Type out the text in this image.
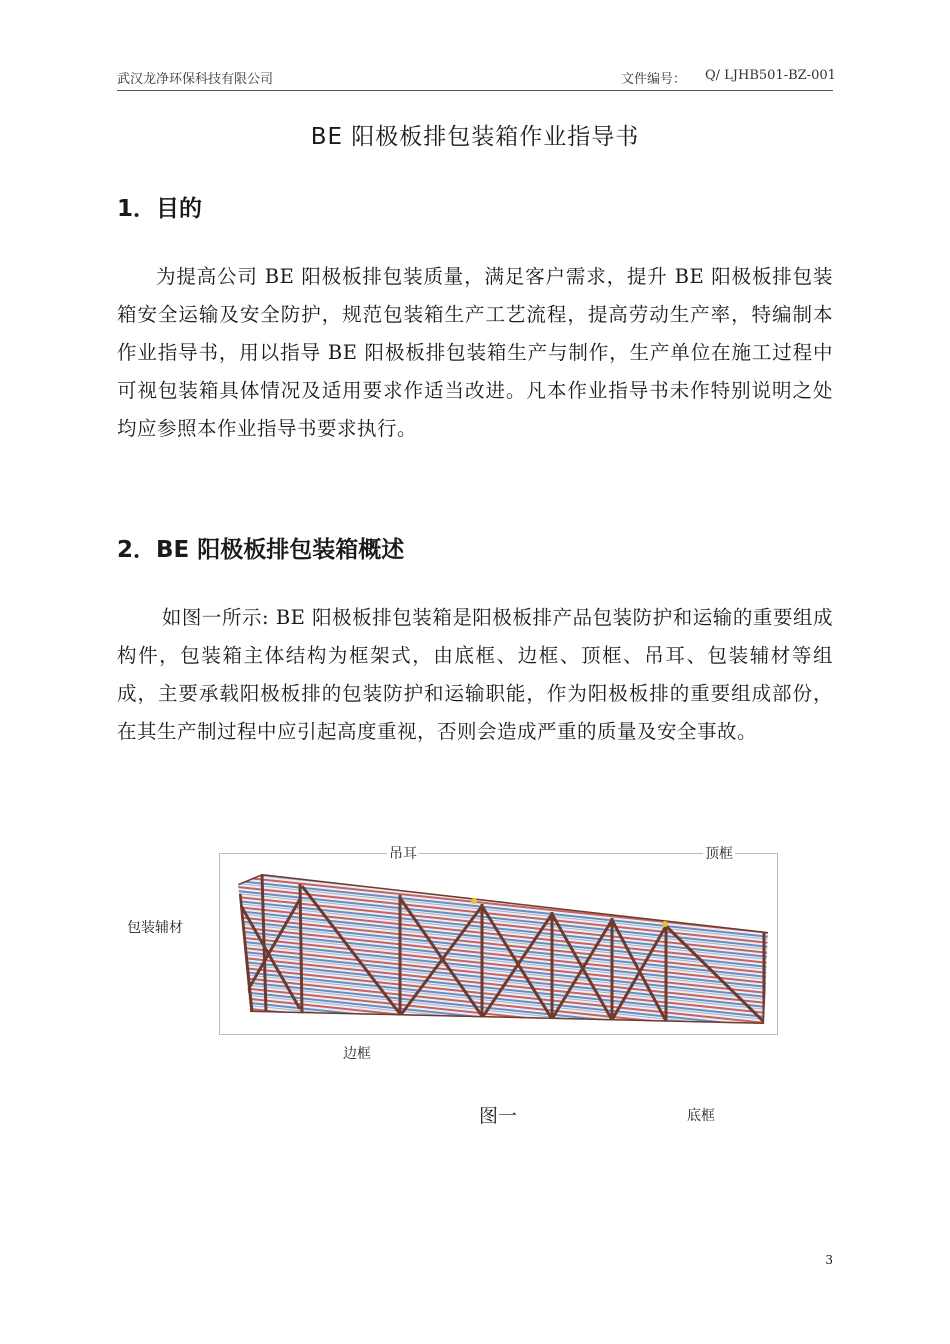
武汉龙净环保科技有限公司	文件编号： Q/ LJHB501-BZ-001
BE 阳极板排包装箱作业指导书
1．目的
为提高公司 BE 阳极板排包装质量，满足客户需求，提升 BE 阳极板排包装箱安全运输及安全防护，规范包装箱生产工艺流程，提高劳动生产率，特编制本作业指导书，用以指导 BE 阳极板排包装箱生产与制作，生产单位在施工过程中可视包装箱具体情况及适用要求作适当改进。凡本作业指导书未作特别说明之处均应参照本作业指导书要求执行。
2．BE 阳极板排包装箱概述
如图一所示: BE 阳极板排包装箱是阳极板排产品包装防护和运输的重要组成构件，包装箱主体结构为框架式，由底框、边框、顶框、吊耳、包装辅材等组成，主要承载阳极板排的包装防护和运输职能，作为阳极板排的重要组成部份，在其生产制过程中应引起高度重视，否则会造成严重的质量及安全事故。
吊耳	顶框
包装辅材
边框
图一	底框
3
